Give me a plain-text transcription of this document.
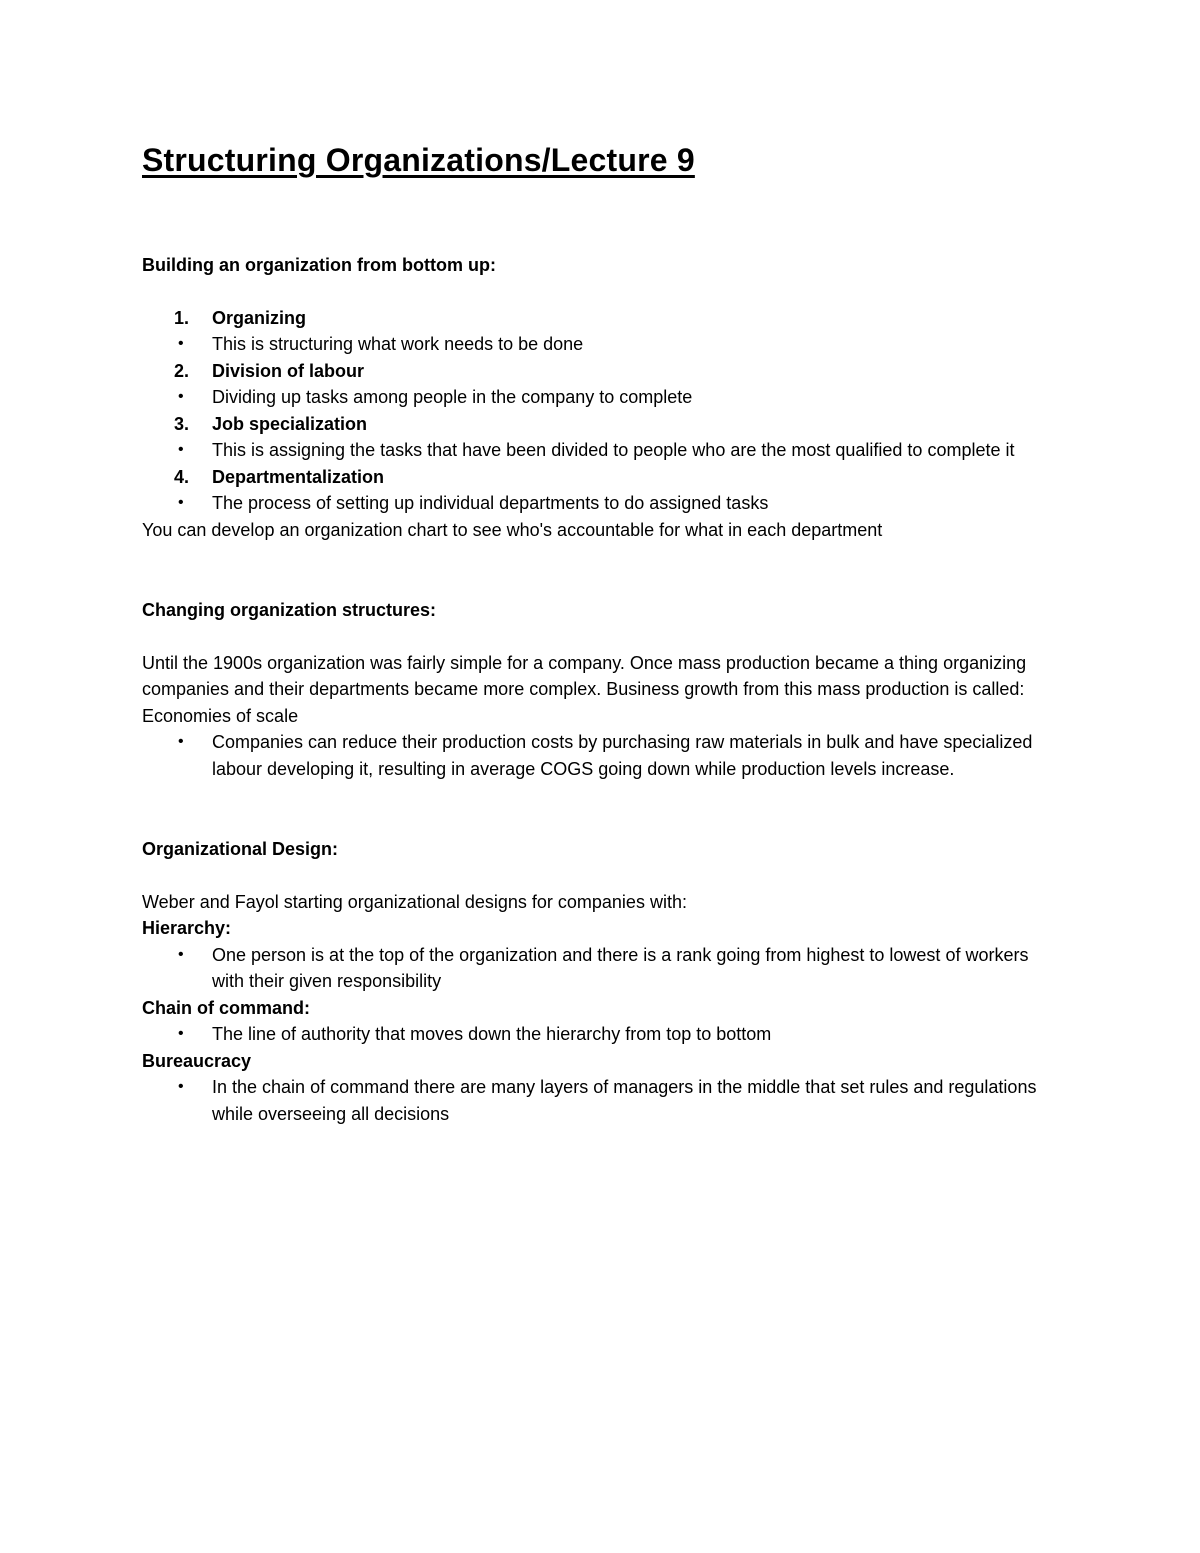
Structuring Organizations/Lecture 9

Building an organization from bottom up:

1.	Organizing
•	This is structuring what work needs to be done
2.	Division of labour
•	Dividing up tasks among people in the company to complete
3.	Job specialization
•	This is assigning the tasks that have been divided to people who are the most qualified to complete it
4.	Departmentalization
•	The process of setting up individual departments to do assigned tasks

You can develop an organization chart to see who's accountable for what in each department

Changing organization structures:

Until the 1900s organization was fairly simple for a company. Once mass production became a thing organizing companies and their departments became more complex. Business growth from this mass production is called:

Economies of scale

•	Companies can reduce their production costs by purchasing raw materials in bulk and have specialized labour developing it, resulting in average COGS going down while production levels increase.

Organizational Design:

Weber and Fayol starting organizational designs for companies with:

Hierarchy:

•	One person is at the top of the organization and there is a rank going from highest to lowest of workers with their given responsibility

Chain of command:

•	The line of authority that moves down the hierarchy from top to bottom

Bureaucracy

•	In the chain of command there are many layers of managers in the middle that set rules and regulations while overseeing all decisions
